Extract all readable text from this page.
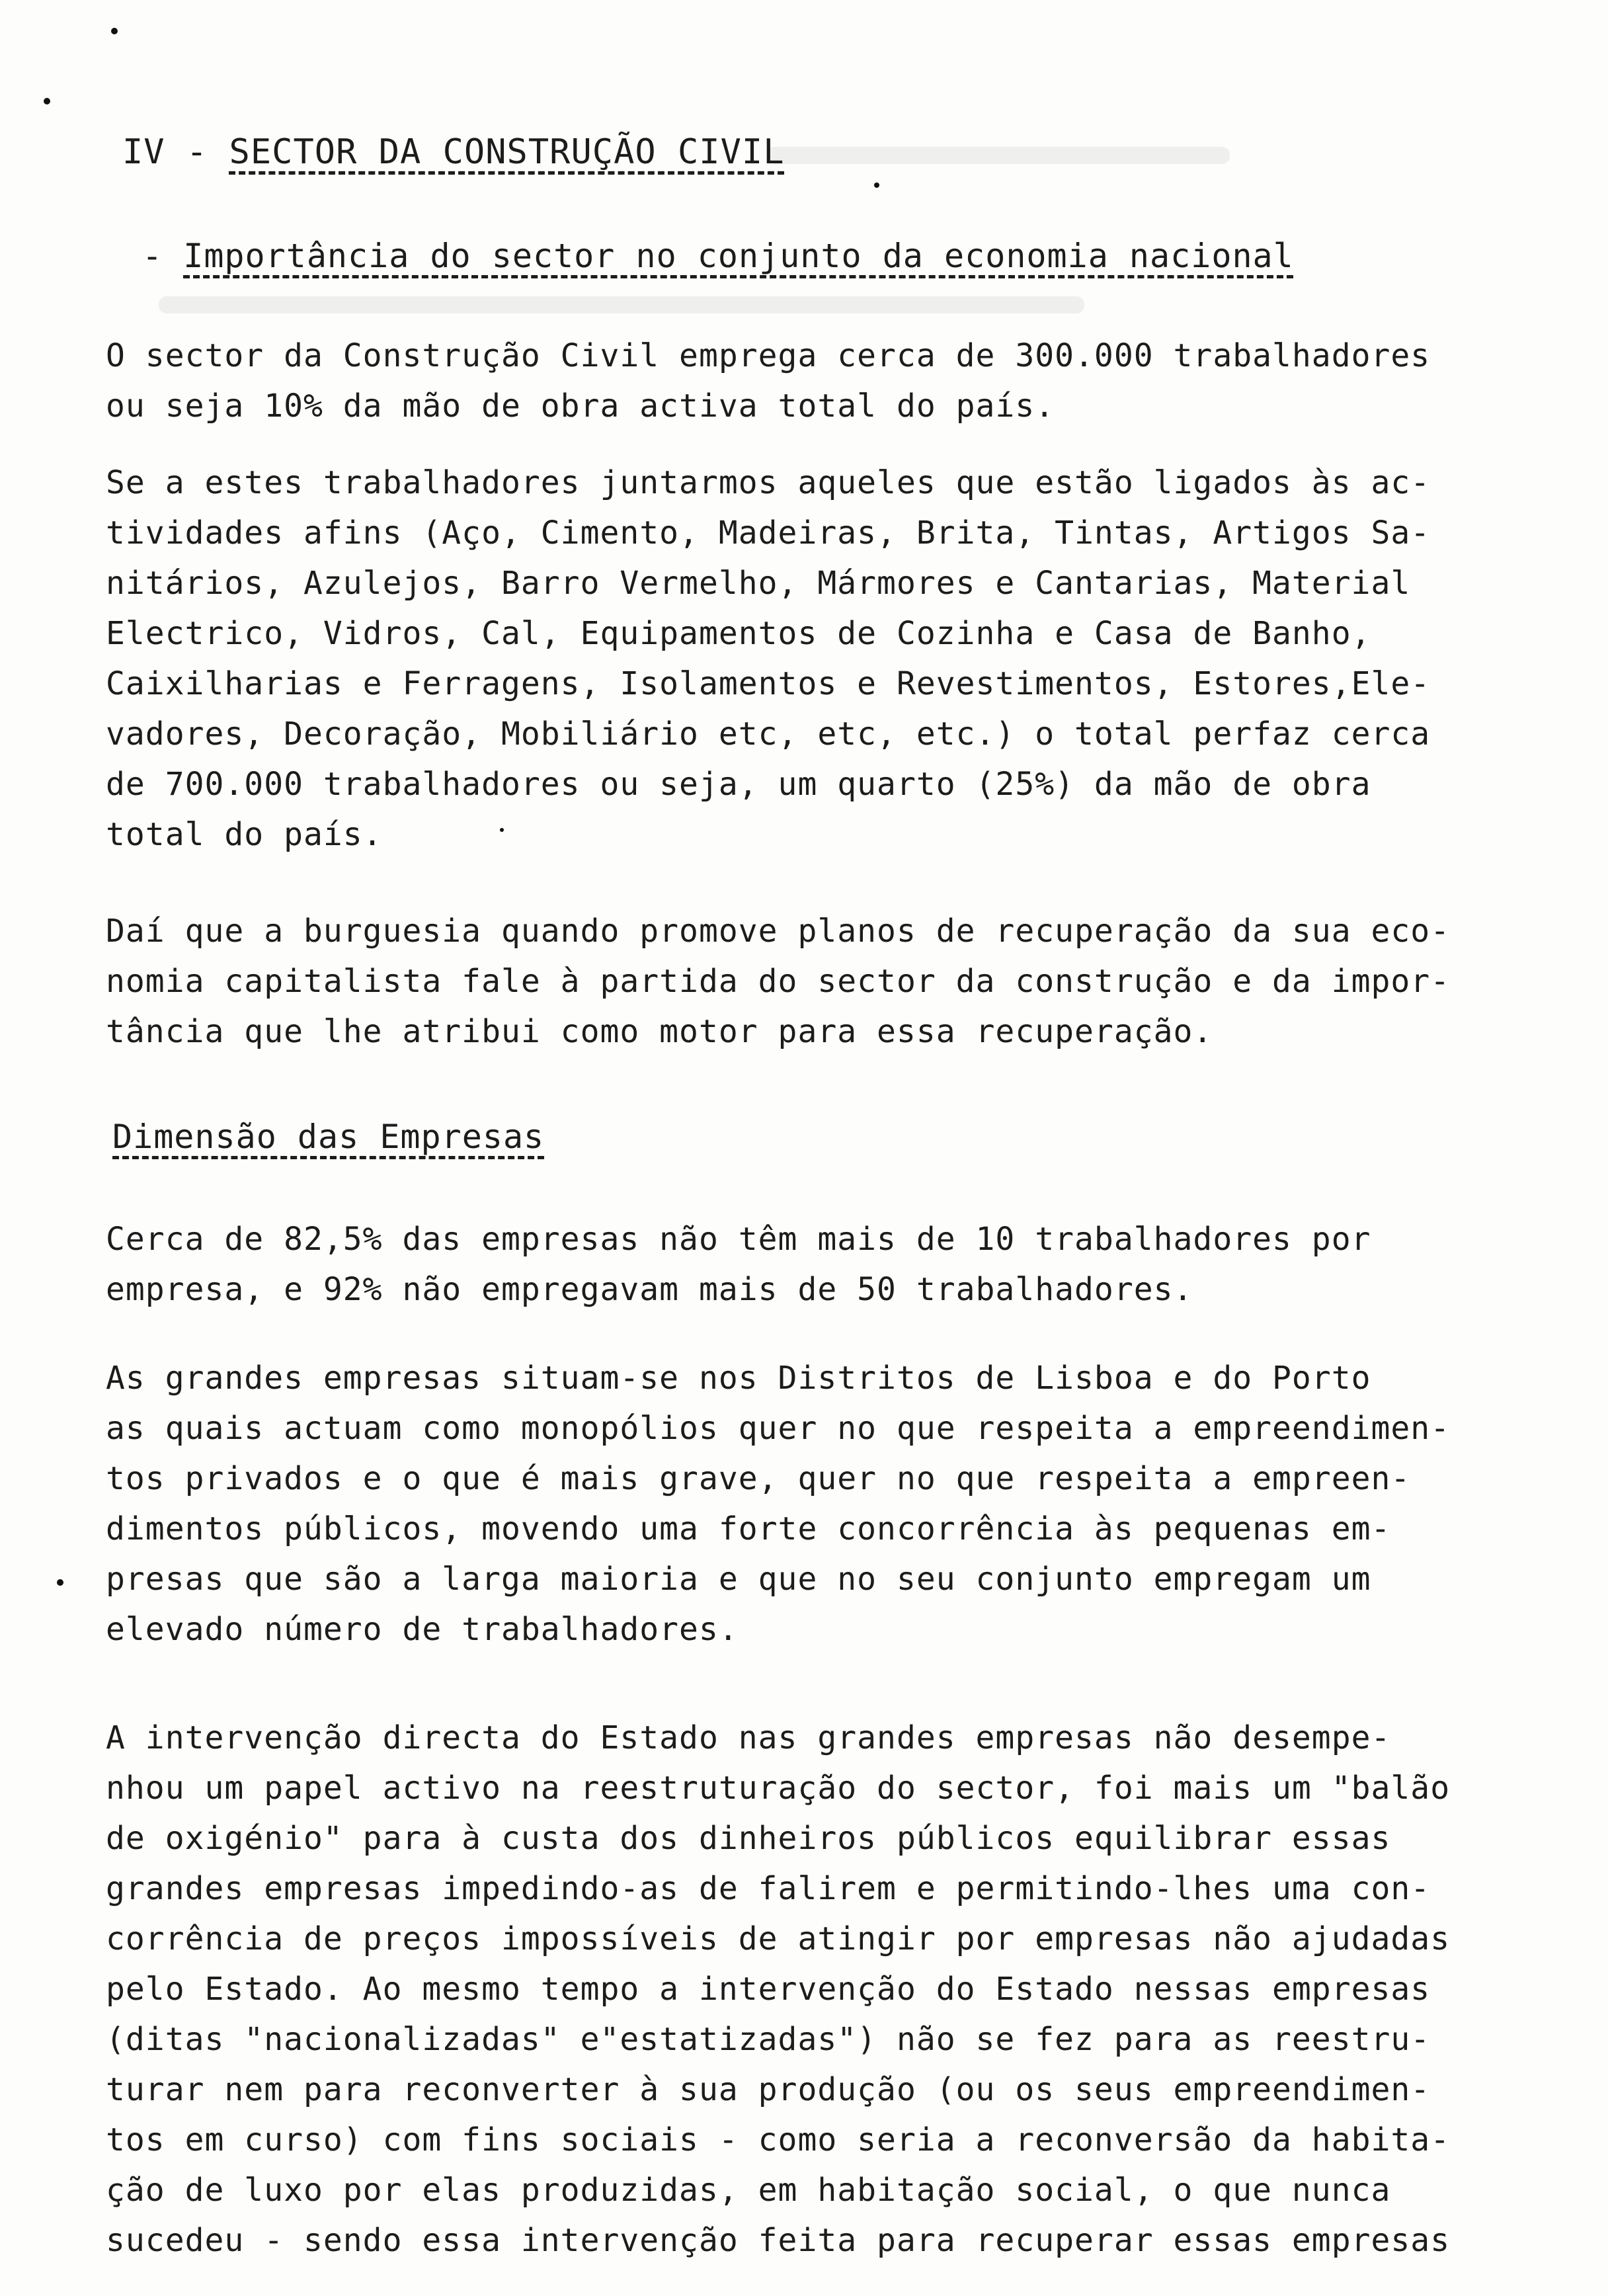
IV - SECTOR DA CONSTRUÇÃO CIVIL
- Importância do sector no conjunto da economia nacional
O sector da Construção Civil emprega cerca de 300.000 trabalhadores
ou seja 10% da mão de obra activa total do país.
Se a estes trabalhadores juntarmos aqueles que estão ligados às ac-
tividades afins (Aço, Cimento, Madeiras, Brita, Tintas, Artigos Sa-
nitários, Azulejos, Barro Vermelho, Mármores e Cantarias, Material
Electrico, Vidros, Cal, Equipamentos de Cozinha e Casa de Banho,
Caixilharias e Ferragens, Isolamentos e Revestimentos, Estores,Ele-
vadores, Decoração, Mobiliário etc, etc, etc.) o total perfaz cerca
de 700.000 trabalhadores ou seja, um quarto (25%) da mão de obra
total do país.
Daí que a burguesia quando promove planos de recuperação da sua eco-
nomia capitalista fale à partida do sector da construção e da impor-
tância que lhe atribui como motor para essa recuperação.
Dimensão das Empresas
Cerca de 82,5% das empresas não têm mais de 10 trabalhadores por
empresa, e 92% não empregavam mais de 50 trabalhadores.
As grandes empresas situam-se nos Distritos de Lisboa e do Porto
as quais actuam como monopólios quer no que respeita a empreendimen-
tos privados e o que é mais grave, quer no que respeita a empreen-
dimentos públicos, movendo uma forte concorrência às pequenas em-
presas que são a larga maioria e que no seu conjunto empregam um
elevado número de trabalhadores.
A intervenção directa do Estado nas grandes empresas não desempe-
nhou um papel activo na reestruturação do sector, foi mais um "balão
de oxigénio" para à custa dos dinheiros públicos equilibrar essas
grandes empresas impedindo-as de falirem e permitindo-lhes uma con-
corrência de preços impossíveis de atingir por empresas não ajudadas
pelo Estado. Ao mesmo tempo a intervenção do Estado nessas empresas
(ditas "nacionalizadas" e"estatizadas") não se fez para as reestru-
turar nem para reconverter à sua produção (ou os seus empreendimen-
tos em curso) com fins sociais - como seria a reconversão da habita-
ção de luxo por elas produzidas, em habitação social, o que nunca
sucedeu - sendo essa intervenção feita para recuperar essas empresas
